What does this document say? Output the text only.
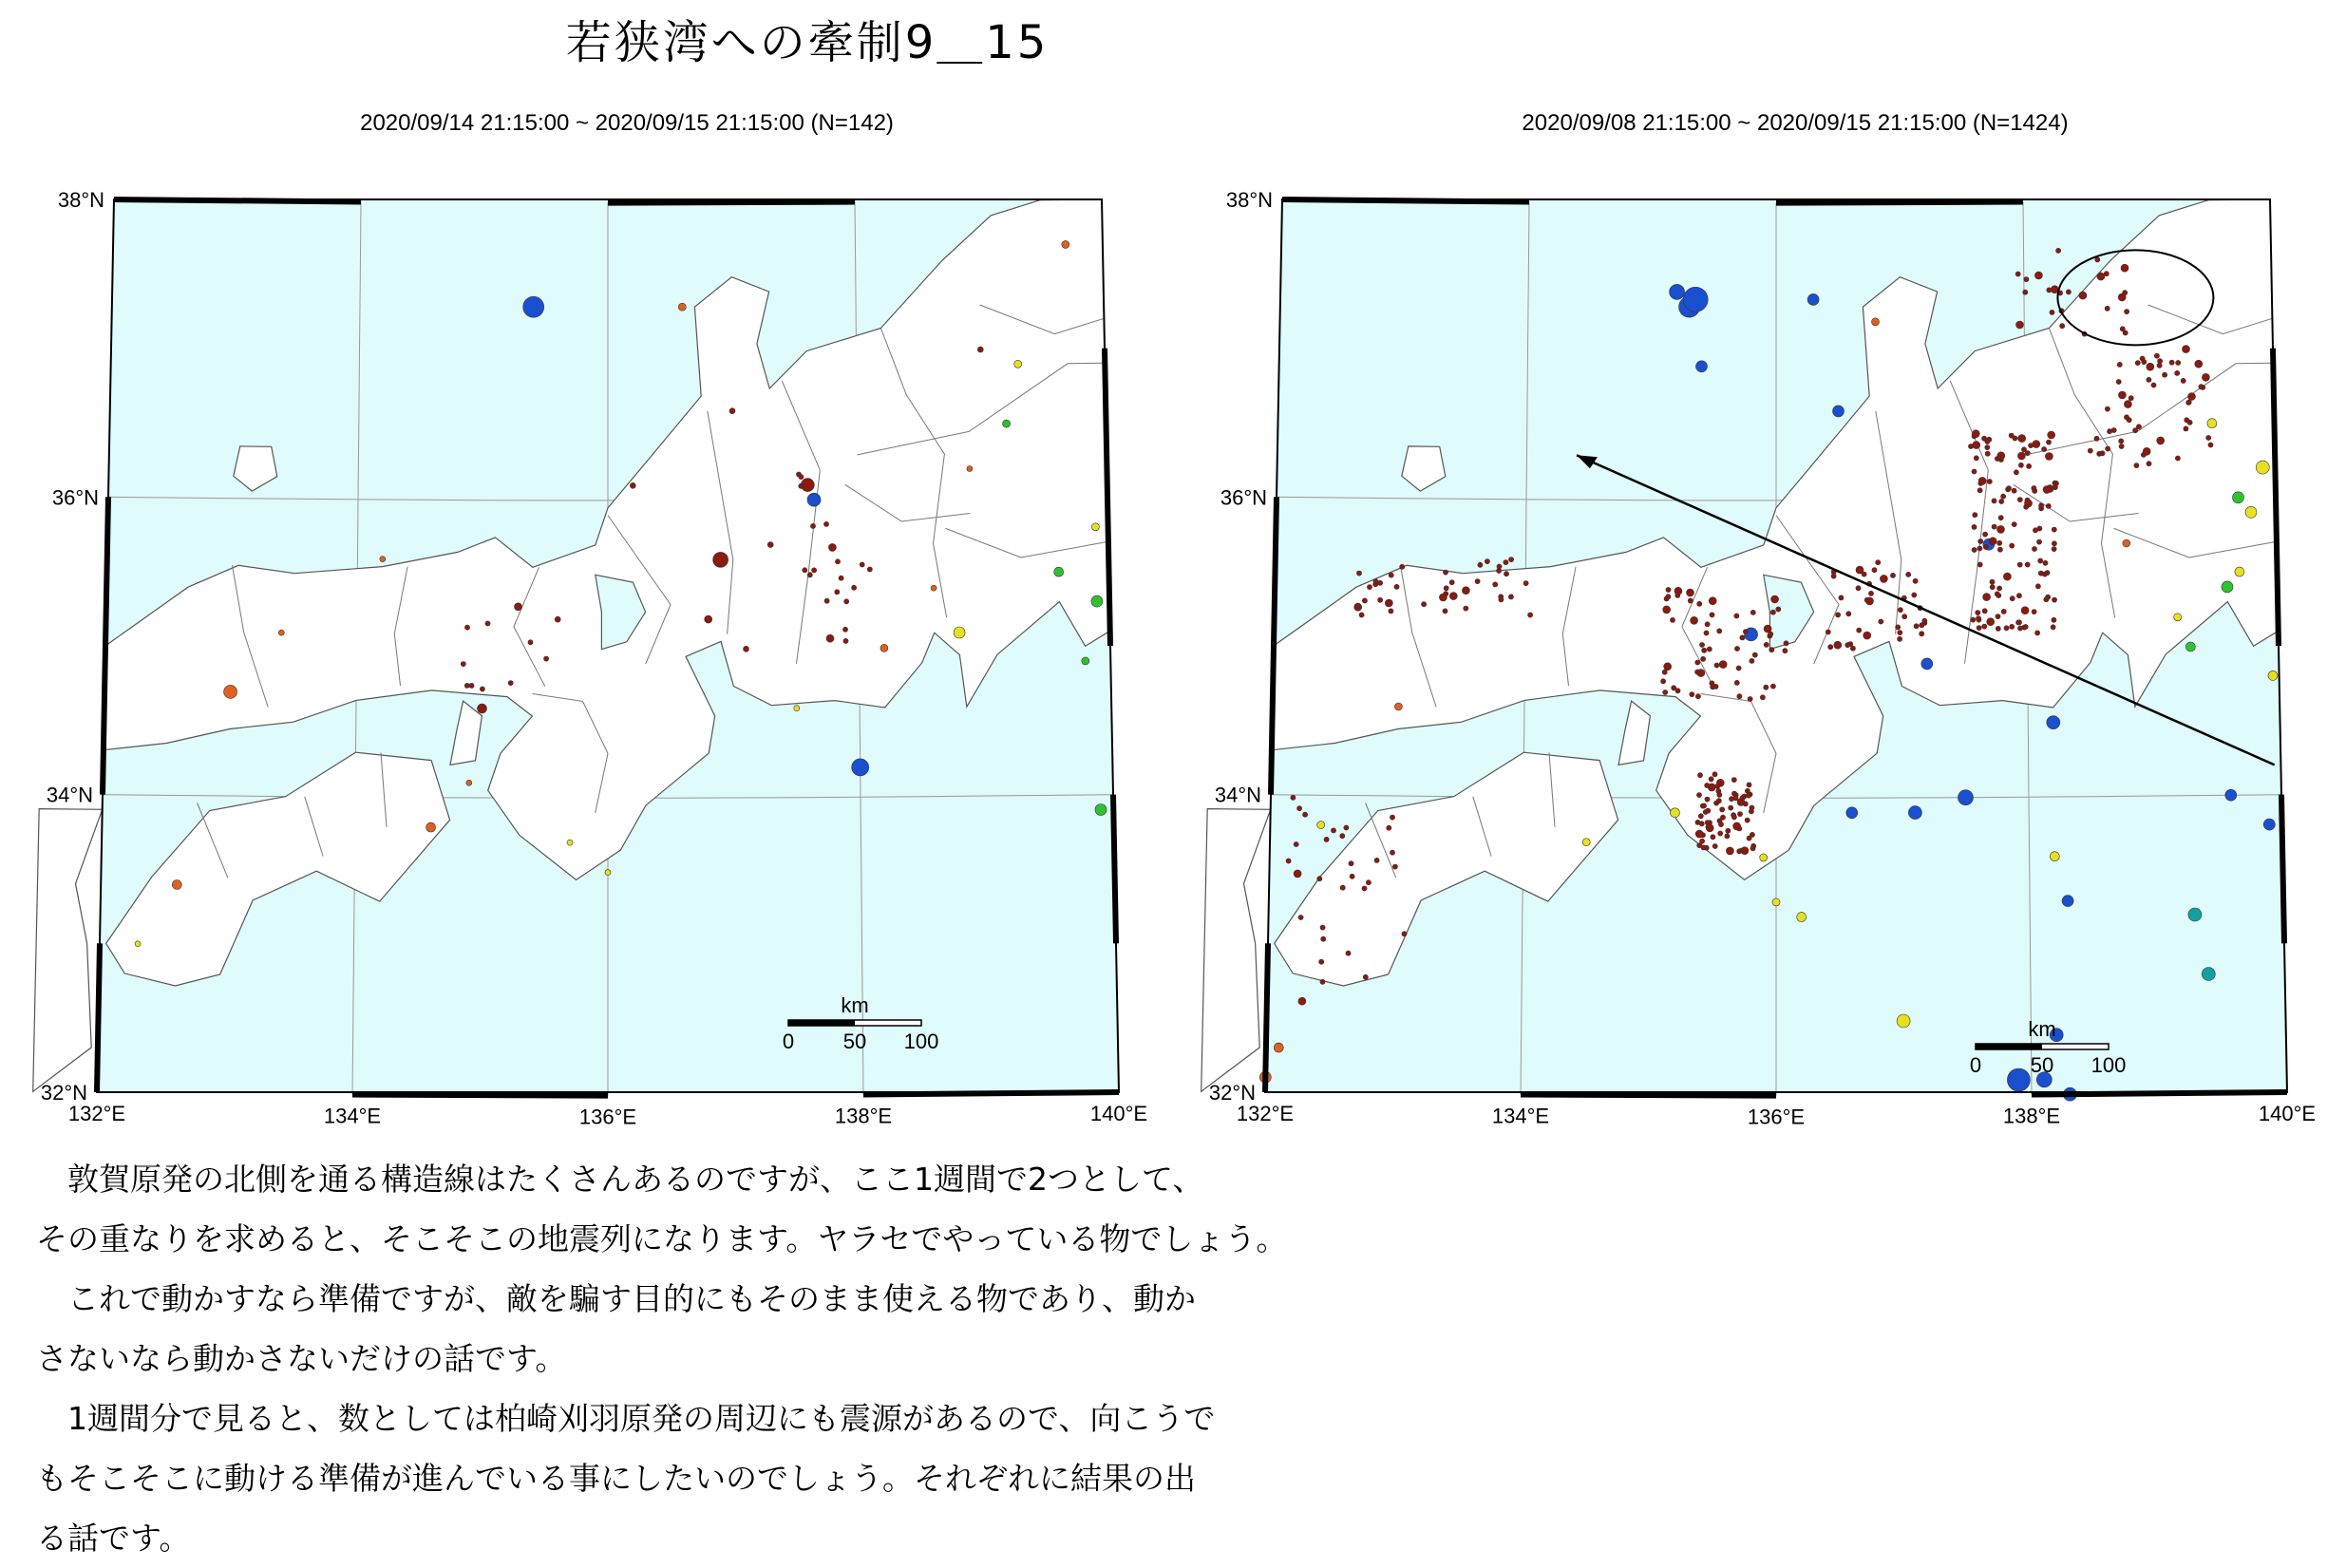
若狭湾への牽制9＿15
2020/09/14 21:15:00 ~ 2020/09/15 21:15:00 (N=142)
38°N
36°N
34°N
32°N
132°E	134°E	136°E	138°E	140°E
km
0 50 100
2020/09/08 21:15:00 ~ 2020/09/15 21:15:00 (N=1424)
38°N
36°N
34°N
32°N
132°E	134°E	136°E	138°E	140°E
km
0 50 100

　敦賀原発の北側を通る構造線はたくさんあるのですが、ここ1週間で2つとして、

その重なりを求めると、そこそこの地震列になります。ヤラセでやっている物でしょう。

　これで動かすなら準備ですが、敵を騙す目的にもそのまま使える物であり、動か

さないなら動かさないだけの話です。

　1週間分で見ると、数としては柏崎刈羽原発の周辺にも震源があるので、向こうで

もそこそこに動ける準備が進んでいる事にしたいのでしょう。それぞれに結果の出

る話です。
